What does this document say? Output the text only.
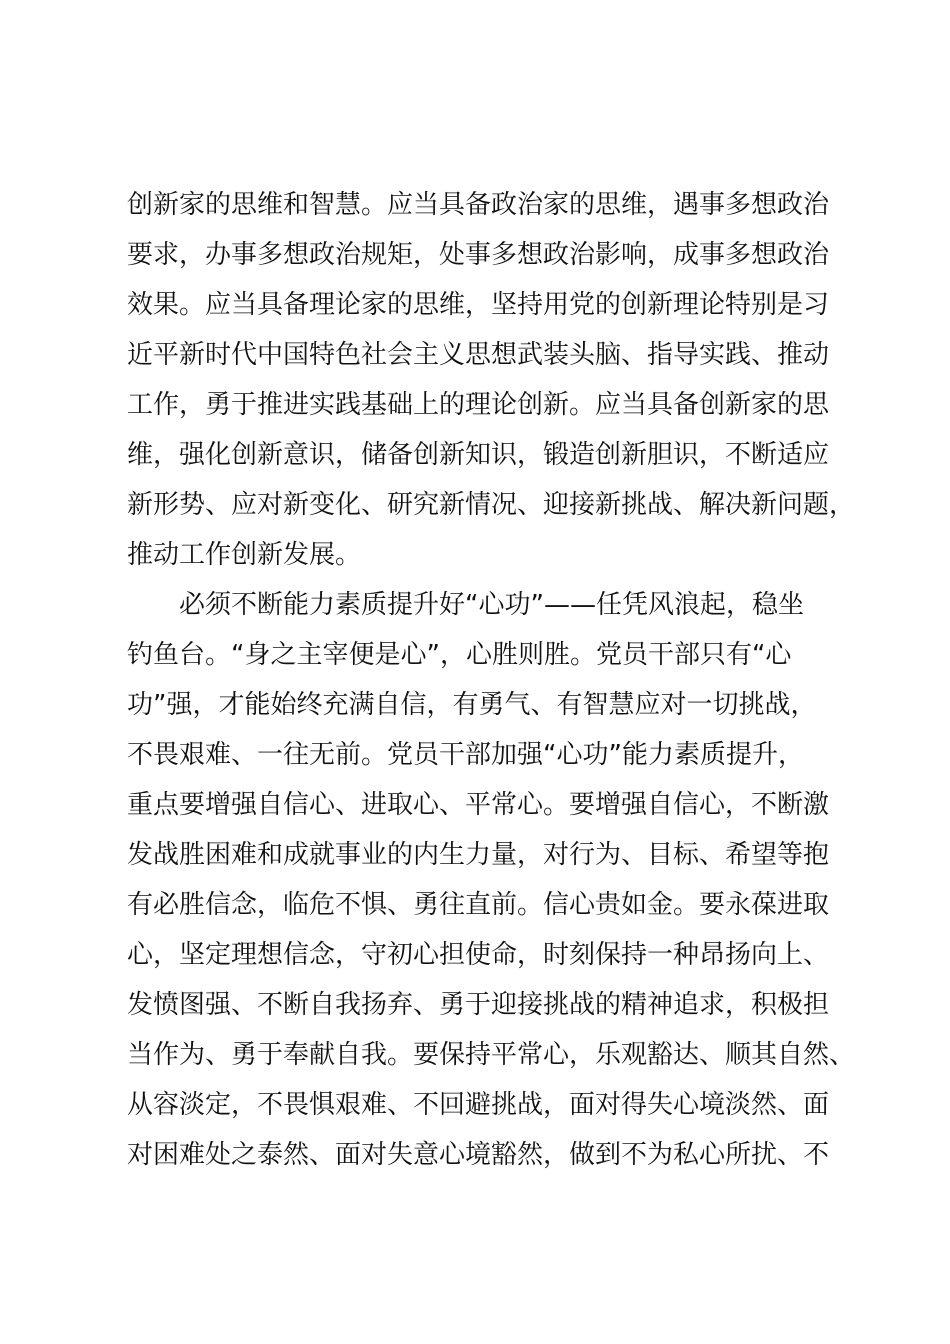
创新家的思维和智慧。应当具备政治家的思维，遇事多想政治
要求，办事多想政治规矩，处事多想政治影响，成事多想政治
效果。应当具备理论家的思维，坚持用党的创新理论特别是习
近平新时代中国特色社会主义思想武装头脑、指导实践、推动
工作，勇于推进实践基础上的理论创新。应当具备创新家的思
维，强化创新意识，储备创新知识，锻造创新胆识，不断适应
新形势、应对新变化、研究新情况、迎接新挑战、解决新问题，
推动工作创新发展。
必须不断能力素质提升好“心功”——任凭风浪起，稳坐
钓鱼台。“身之主宰便是心”，心胜则胜。党员干部只有“心
功”强，才能始终充满自信，有勇气、有智慧应对一切挑战，
不畏艰难、一往无前。党员干部加强“心功”能力素质提升，
重点要增强自信心、进取心、平常心。要增强自信心，不断激
发战胜困难和成就事业的内生力量，对行为、目标、希望等抱
有必胜信念，临危不惧、勇往直前。信心贵如金。要永葆进取
心，坚定理想信念，守初心担使命，时刻保持一种昂扬向上、
发愤图强、不断自我扬弃、勇于迎接挑战的精神追求，积极担
当作为、勇于奉献自我。要保持平常心，乐观豁达、顺其自然、
从容淡定，不畏惧艰难、不回避挑战，面对得失心境淡然、面
对困难处之泰然、面对失意心境豁然，做到不为私心所扰、不
